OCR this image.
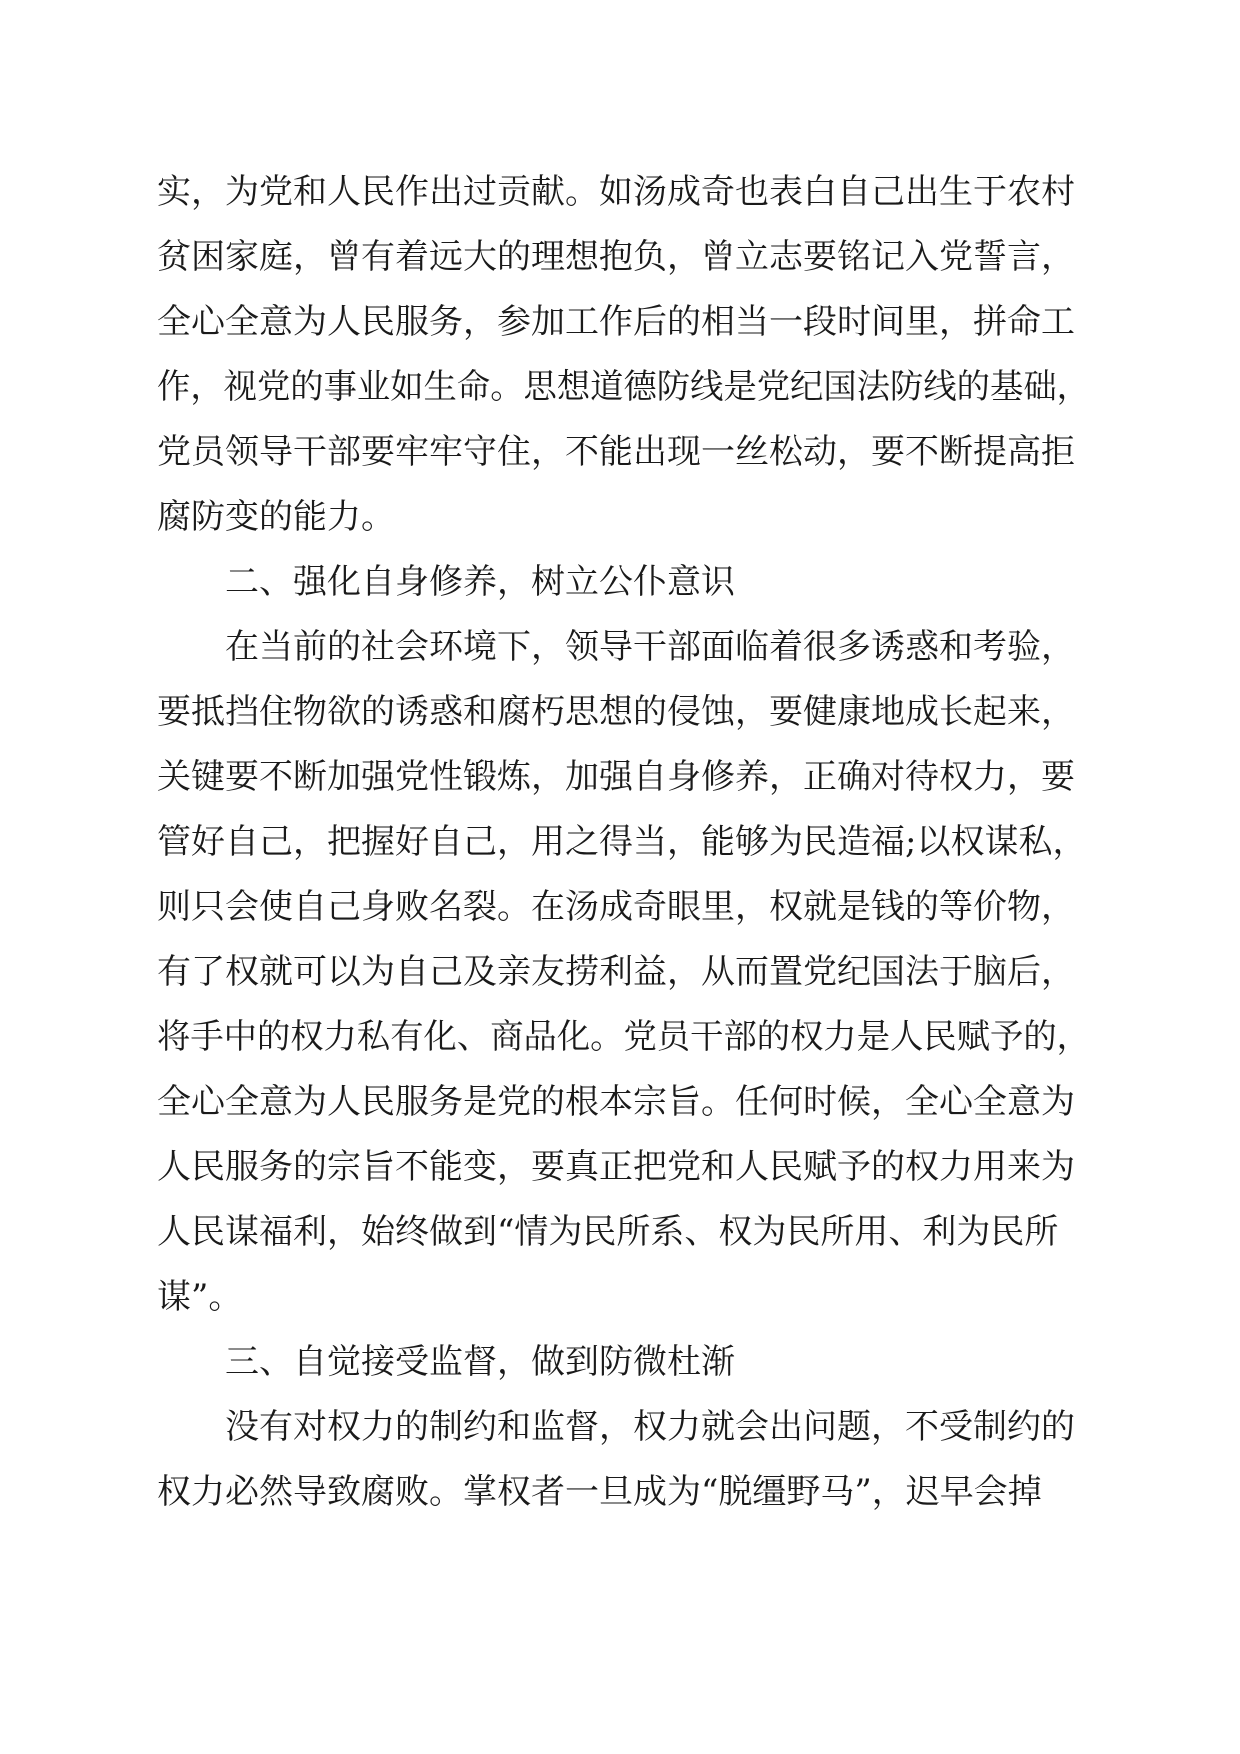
实，为党和人民作出过贡献。如汤成奇也表白自己出生于农村
贫困家庭，曾有着远大的理想抱负，曾立志要铭记入党誓言，
全心全意为人民服务，参加工作后的相当一段时间里，拼命工
作，视党的事业如生命。思想道德防线是党纪国法防线的基础，
党员领导干部要牢牢守住，不能出现一丝松动，要不断提高拒
腐防变的能力。
二、强化自身修养，树立公仆意识
在当前的社会环境下，领导干部面临着很多诱惑和考验，
要抵挡住物欲的诱惑和腐朽思想的侵蚀，要健康地成长起来，
关键要不断加强党性锻炼，加强自身修养，正确对待权力，要
管好自己，把握好自己，用之得当，能够为民造福;以权谋私，
则只会使自己身败名裂。在汤成奇眼里，权就是钱的等价物，
有了权就可以为自己及亲友捞利益，从而置党纪国法于脑后，
将手中的权力私有化、商品化。党员干部的权力是人民赋予的，
全心全意为人民服务是党的根本宗旨。任何时候，全心全意为
人民服务的宗旨不能变，要真正把党和人民赋予的权力用来为
人民谋福利，始终做到“情为民所系、权为民所用、利为民所
谋”。
三、自觉接受监督，做到防微杜渐
没有对权力的制约和监督，权力就会出问题，不受制约的
权力必然导致腐败。掌权者一旦成为“脱缰野马”，迟早会掉
